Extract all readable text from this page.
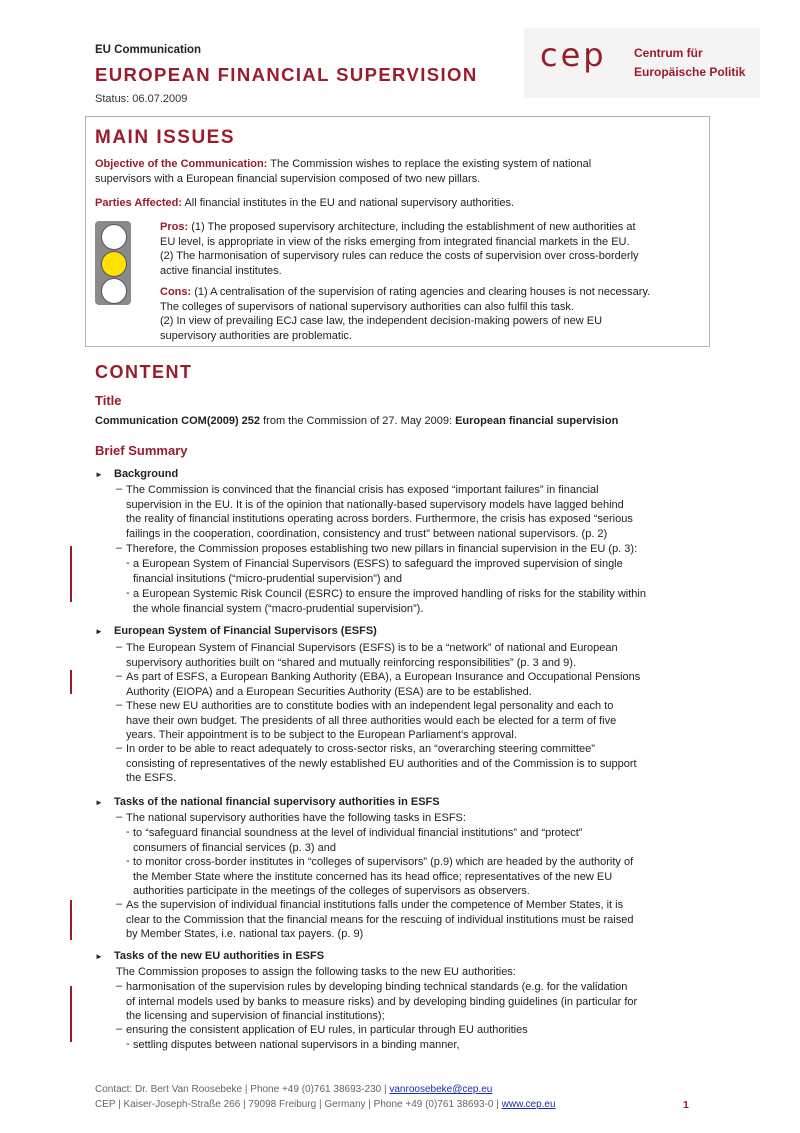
EU Communication
EUROPEAN FINANCIAL SUPERVISION
Status: 06.07.2009
cep Centrum für
Europäische Politik
MAIN ISSUES

Objective of the Communication: The Commission wishes to replace the existing system of national
supervisors with a European financial supervision composed of two new pillars.

Parties Affected: All financial institutes in the EU and national supervisory authorities.

Pros: (1) The proposed supervisory architecture, including the establishment of new authorities at
EU level, is appropriate in view of the risks emerging from integrated financial markets in the EU.
(2) The harmonisation of supervisory rules can reduce the costs of supervision over cross-borderly
active financial institutes.

Cons: (1) A centralisation of the supervision of rating agencies and clearing houses is not necessary.
The colleges of supervisors of national supervisory authorities can also fulfil this task.
(2) In view of prevailing ECJ case law, the independent decision-making powers of new EU
supervisory authorities are problematic.

CONTENT
Title
Communication COM(2009) 252 from the Commission of 27. May 2009: European financial supervision
Brief Summary
► Background
– The Commission is convinced that the financial crisis has exposed “important failures” in financial
supervision in the EU. It is of the opinion that nationally-based supervisory models have lagged behind
the reality of financial institutions operating across borders. Furthermore, the crisis has exposed “serious
failings in the cooperation, coordination, consistency and trust” between national supervisors. (p. 2)

– Therefore, the Commission proposes establishing two new pillars in financial supervision in the EU (p. 3):

- a European System of Financial Supervisors (ESFS) to safeguard the improved supervision of single
financial insitutions (“micro-prudential supervision”) and

- a European Systemic Risk Council (ESRC) to ensure the improved handling of risks for the stability within
the whole financial system (“macro-prudential supervision”).

► European System of Financial Supervisors (ESFS)
– The European System of Financial Supervisors (ESFS) is to be a “network” of national and European
supervisory authorities built on “shared and mutually reinforcing responsibilities” (p. 3 and 9).

– As part of ESFS, a European Banking Authority (EBA), a European Insurance and Occupational Pensions
Authority (EIOPA) and a European Securities Authority (ESA) are to be established.

– These new EU authorities are to constitute bodies with an independent legal personality and each to
have their own budget. The presidents of all three authorities would each be elected for a term of five
years. Their appointment is to be subject to the European Parliament’s approval.

– In order to be able to react adequately to cross-sector risks, an “overarching steering committee”
consisting of representatives of the newly established EU authorities and of the Commission is to support
the ESFS.

► Tasks of the national financial supervisory authorities in ESFS
– The national supervisory authorities have the following tasks in ESFS:

- to “safeguard financial soundness at the level of individual financial institutions” and “protect”
consumers of financial services (p. 3) and

- to monitor cross-border institutes in “colleges of supervisors” (p.9) which are headed by the authority of
the Member State where the institute concerned has its head office; representatives of the new EU
authorities participate in the meetings of the colleges of supervisors as observers.

– As the supervision of individual financial institutions falls under the competence of Member States, it is
clear to the Commission that the financial means for the rescuing of individual institutions must be raised
by Member States, i.e. national tax payers. (p. 9)

► Tasks of the new EU authorities in ESFS

The Commission proposes to assign the following tasks to the new EU authorities:

– harmonisation of the supervision rules by developing binding technical standards (e.g. for the validation
of internal models used by banks to measure risks) and by developing binding guidelines (in particular for
the licensing and supervision of financial institutions);

– ensuring the consistent application of EU rules, in particular through EU authorities

- settling disputes between national supervisors in a binding manner,

Contact: Dr. Bert Van Roosebeke | Phone +49 (0)761 38693-230 | vanroosebeke@cep.eu
CEP | Kaiser-Joseph-Straße 266 | 79098 Freiburg | Germany | Phone +49 (0)761 38693-0 | www.cep.eu	1
